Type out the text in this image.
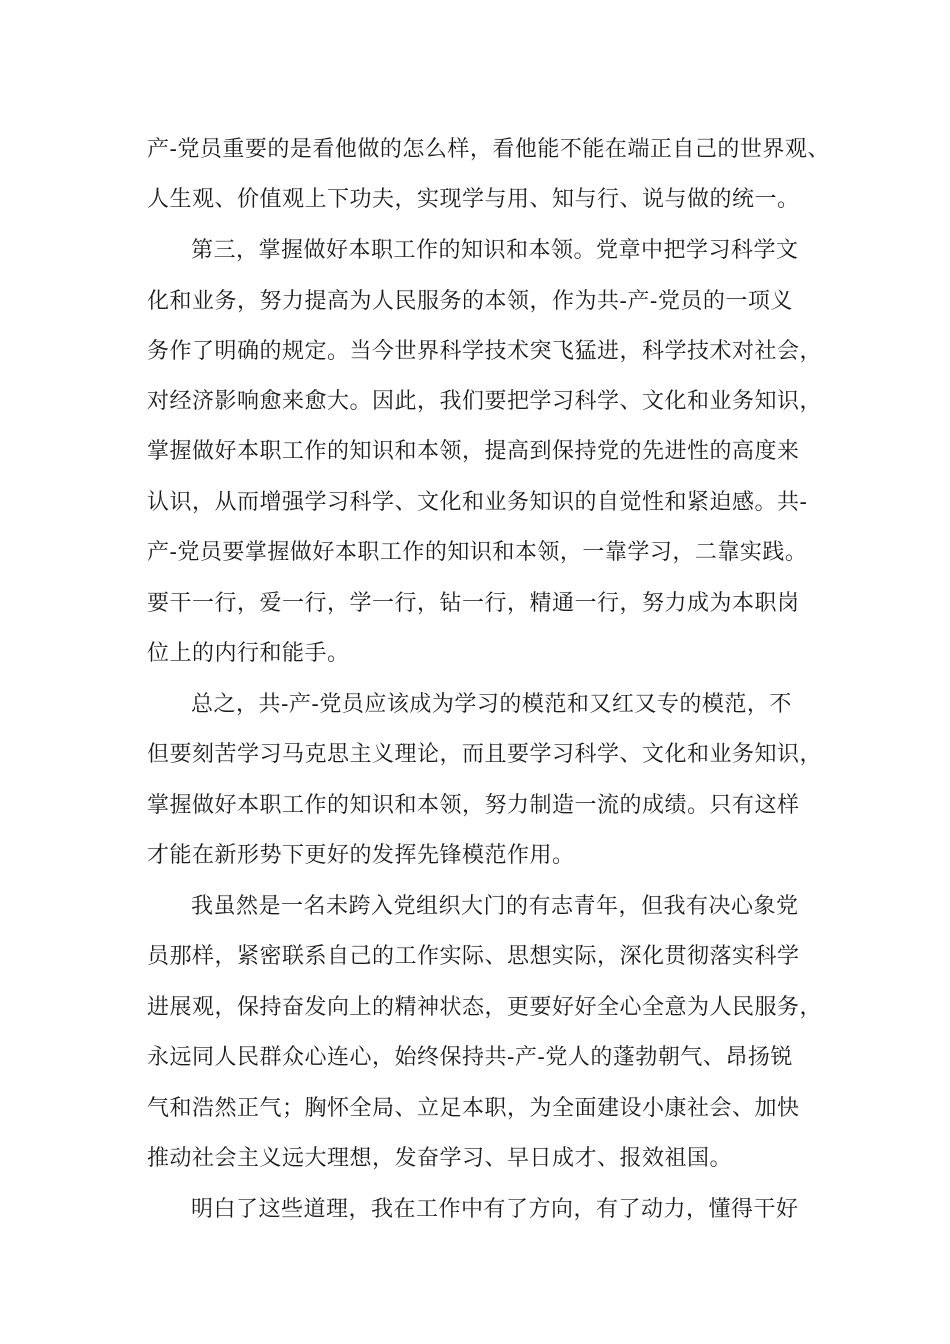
产-党员重要的是看他做的怎么样，看他能不能在端正自己的世界观、
人生观、价值观上下功夫，实现学与用、知与行、说与做的统一。
第三，掌握做好本职工作的知识和本领。党章中把学习科学文
化和业务，努力提高为人民服务的本领，作为共-产-党员的一项义
务作了明确的规定。当今世界科学技术突飞猛进，科学技术对社会，
对经济影响愈来愈大。因此，我们要把学习科学、文化和业务知识，
掌握做好本职工作的知识和本领，提高到保持党的先进性的高度来
认识，从而增强学习科学、文化和业务知识的自觉性和紧迫感。共-
产-党员要掌握做好本职工作的知识和本领，一靠学习，二靠实践。
要干一行，爱一行，学一行，钻一行，精通一行，努力成为本职岗
位上的内行和能手。
总之，共-产-党员应该成为学习的模范和又红又专的模范，不
但要刻苦学习马克思主义理论，而且要学习科学、文化和业务知识，
掌握做好本职工作的知识和本领，努力制造一流的成绩。只有这样
才能在新形势下更好的发挥先锋模范作用。
我虽然是一名未跨入党组织大门的有志青年，但我有决心象党
员那样，紧密联系自己的工作实际、思想实际，深化贯彻落实科学
进展观，保持奋发向上的精神状态，更要好好全心全意为人民服务，
永远同人民群众心连心，始终保持共-产-党人的蓬勃朝气、昂扬锐
气和浩然正气；胸怀全局、立足本职，为全面建设小康社会、加快
推动社会主义远大理想，发奋学习、早日成才、报效祖国。
明白了这些道理，我在工作中有了方向，有了动力，懂得干好
